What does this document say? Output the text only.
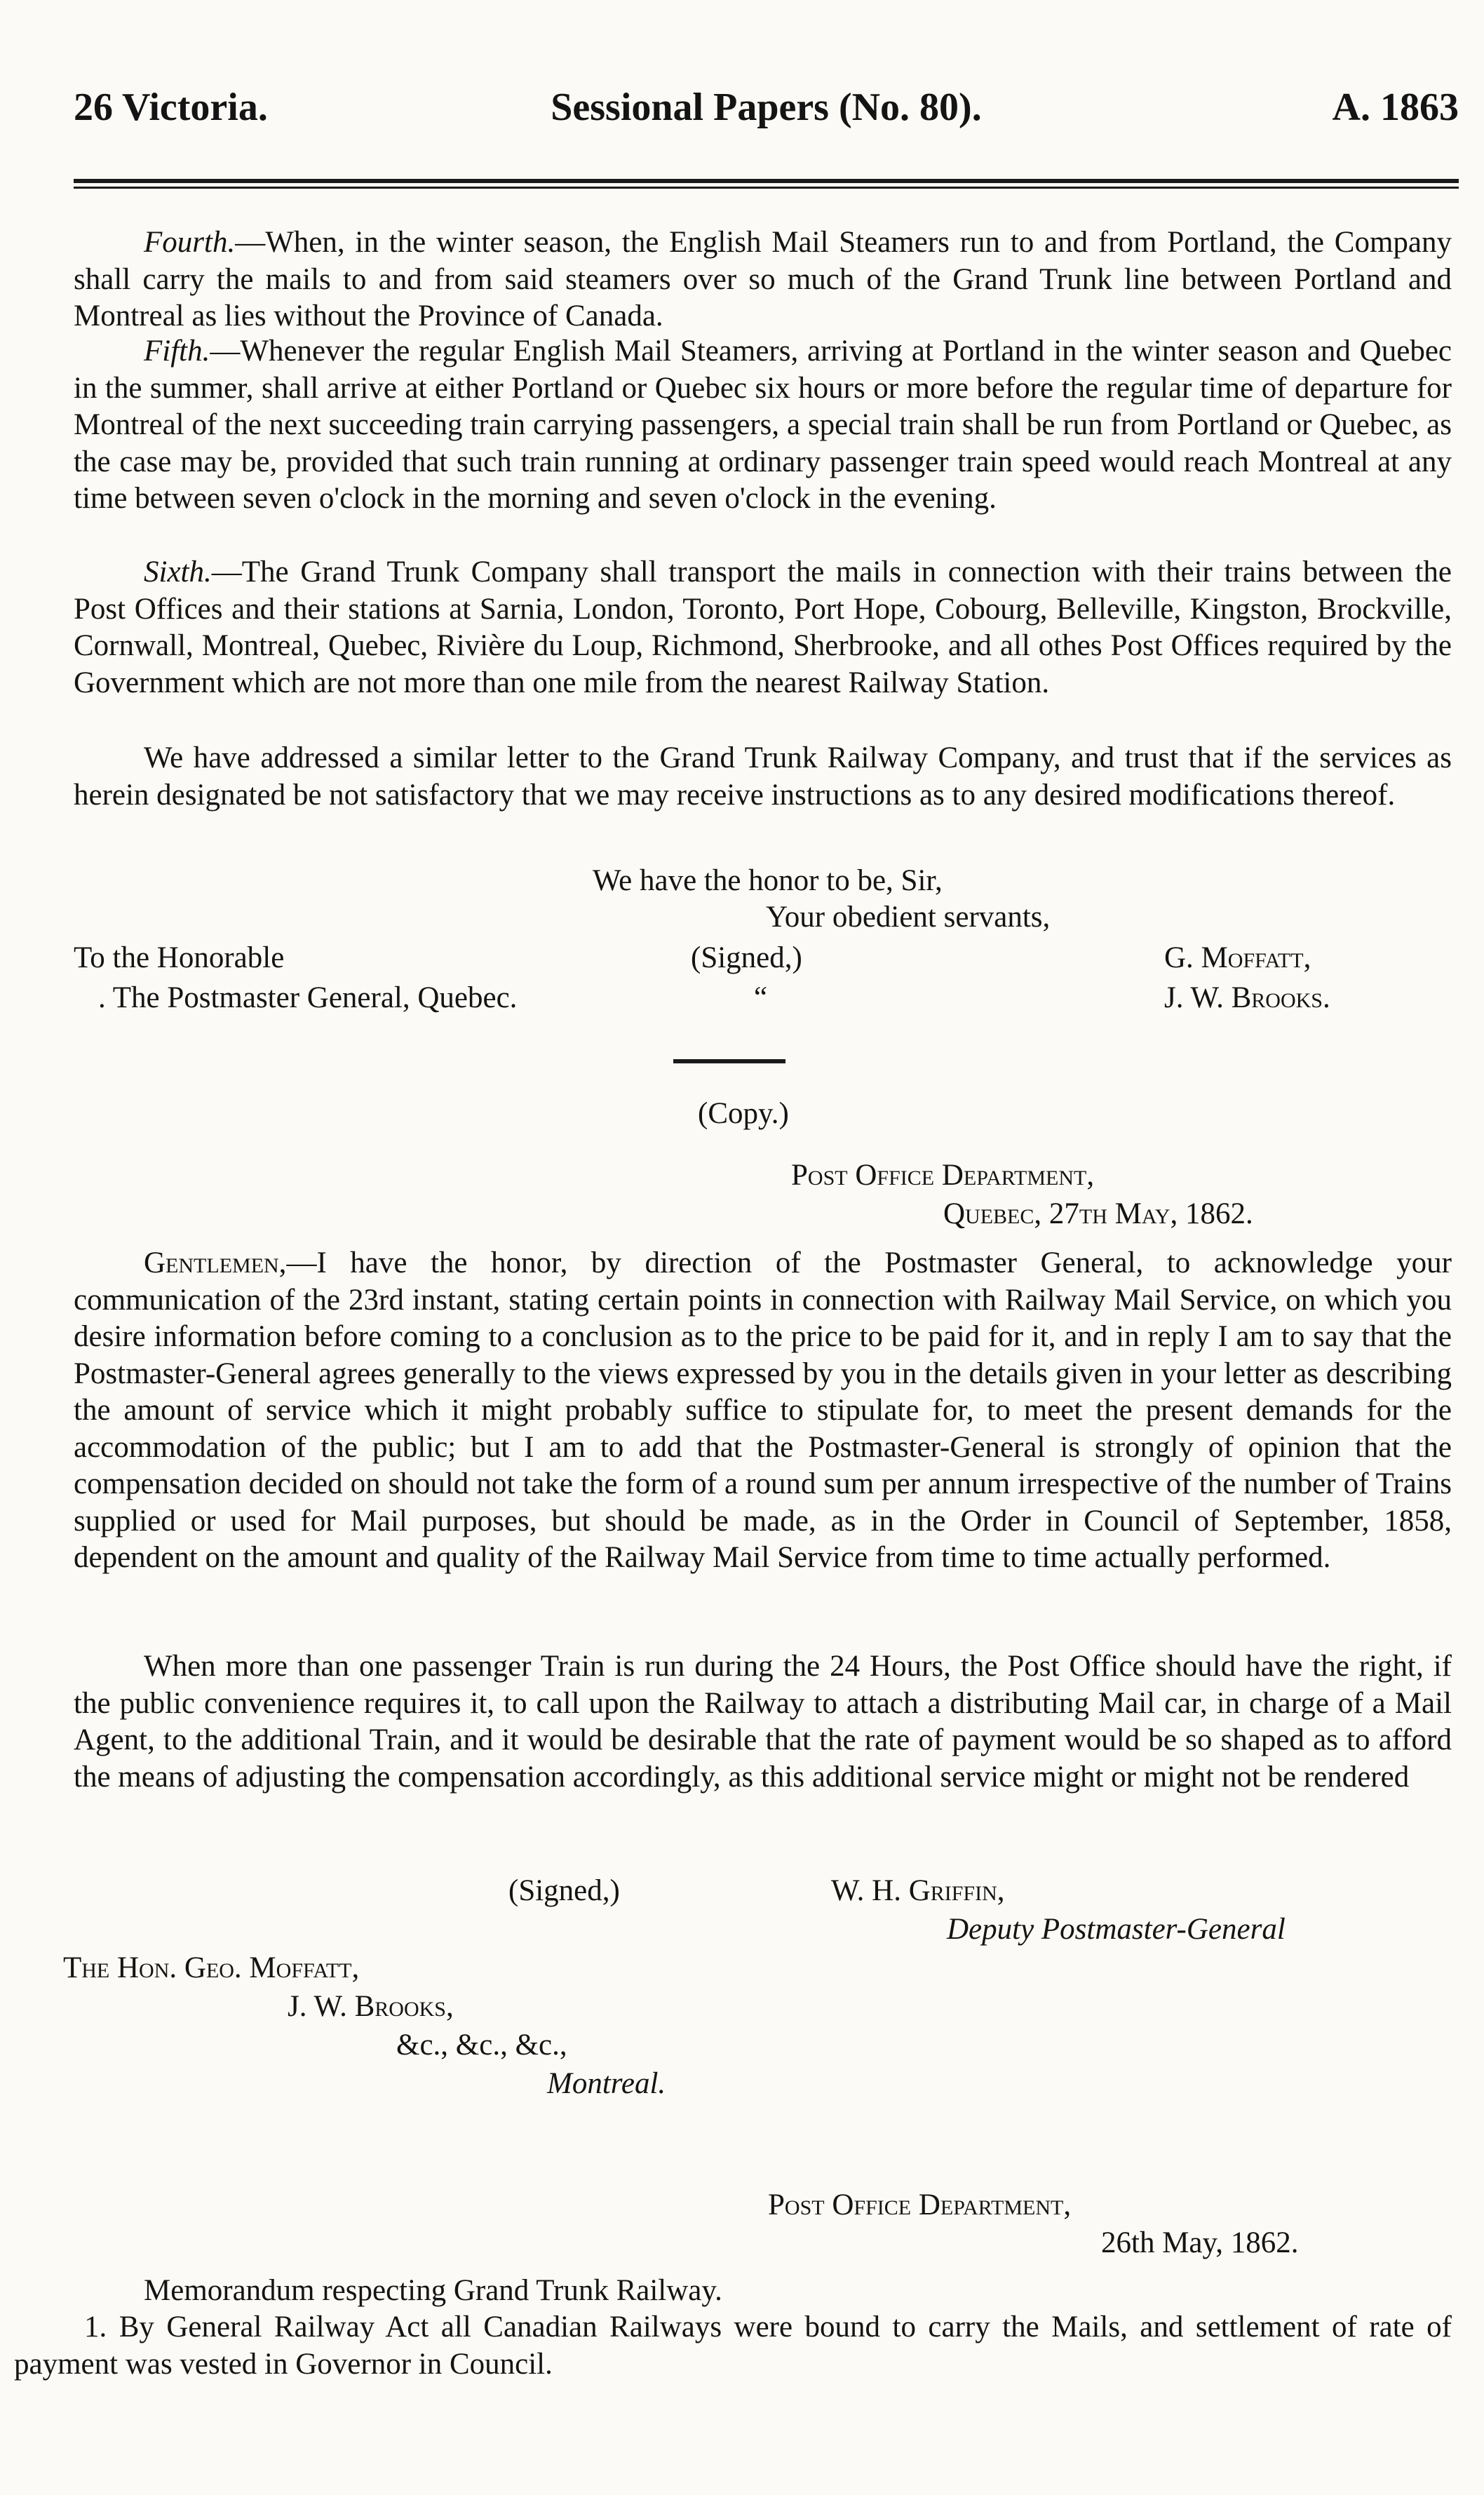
26 Victoria.	Sessional Papers (No. 80).	A. 1863
Fourth.—When, in the winter season, the English Mail Steamers run to and from Portland, the Company shall carry the mails to and from said steamers over so much of the Grand Trunk line between Portland and Montreal as lies without the Province of Canada.
Fifth.—Whenever the regular English Mail Steamers, arriving at Portland in the winter season and Quebec in the summer, shall arrive at either Portland or Quebec six hours or more before the regular time of departure for Montreal of the next succeeding train carrying passengers, a special train shall be run from Portland or Quebec, as the case may be, provided that such train running at ordinary passenger train speed would reach Montreal at any time between seven o'clock in the morning and seven o'clock in the evening.
Sixth.—The Grand Trunk Company shall transport the mails in connection with their trains between the Post Offices and their stations at Sarnia, London, Toronto, Port Hope, Cobourg, Belleville, Kingston, Brockville, Cornwall, Montreal, Quebec, Rivière du Loup, Richmond, Sherbrooke, and all othes Post Offices required by the Government which are not more than one mile from the nearest Railway Station.
We have addressed a similar letter to the Grand Trunk Railway Company, and trust that if the services as herein designated be not satisfactory that we may receive instructions as to any desired modifications thereof.
We have the honor to be, Sir,
Your obedient servants,
To the Honorable
. The Postmaster General, Quebec.
(Signed,)
“
G. Moffatt,
J. W. Brooks.
(Copy.)
Post Office Department,
Quebec, 27th May, 1862.
Gentlemen,—I have the honor, by direction of the Postmaster General, to acknowledge your communication of the 23rd instant, stating certain points in connection with Railway Mail Service, on which you desire information before coming to a conclusion as to the price to be paid for it, and in reply I am to say that the Postmaster-General agrees generally to the views expressed by you in the details given in your letter as describing the amount of service which it might probably suffice to stipulate for, to meet the present demands for the accommodation of the public; but I am to add that the Postmaster-General is strongly of opinion that the compensation decided on should not take the form of a round sum per annum irrespective of the number of Trains supplied or used for Mail purposes, but should be made, as in the Order in Council of September, 1858, dependent on the amount and quality of the Railway Mail Service from time to time actually performed.
When more than one passenger Train is run during the 24 Hours, the Post Office should have the right, if the public convenience requires it, to call upon the Railway to attach a distributing Mail car, in charge of a Mail Agent, to the additional Train, and it would be desirable that the rate of payment would be so shaped as to afford the means of adjusting the compensation accordingly, as this additional service might or might not be rendered
(Signed,)	W. H. Griffin,
Deputy Postmaster-General
The Hon. Geo. Moffatt,
J. W. Brooks,
&c., &c., &c.,
Montreal.
Post Office Department,
26th May, 1862.
Memorandum respecting Grand Trunk Railway.
1. By General Railway Act all Canadian Railways were bound to carry the Mails, and settlement of rate of payment was vested in Governor in Council.
